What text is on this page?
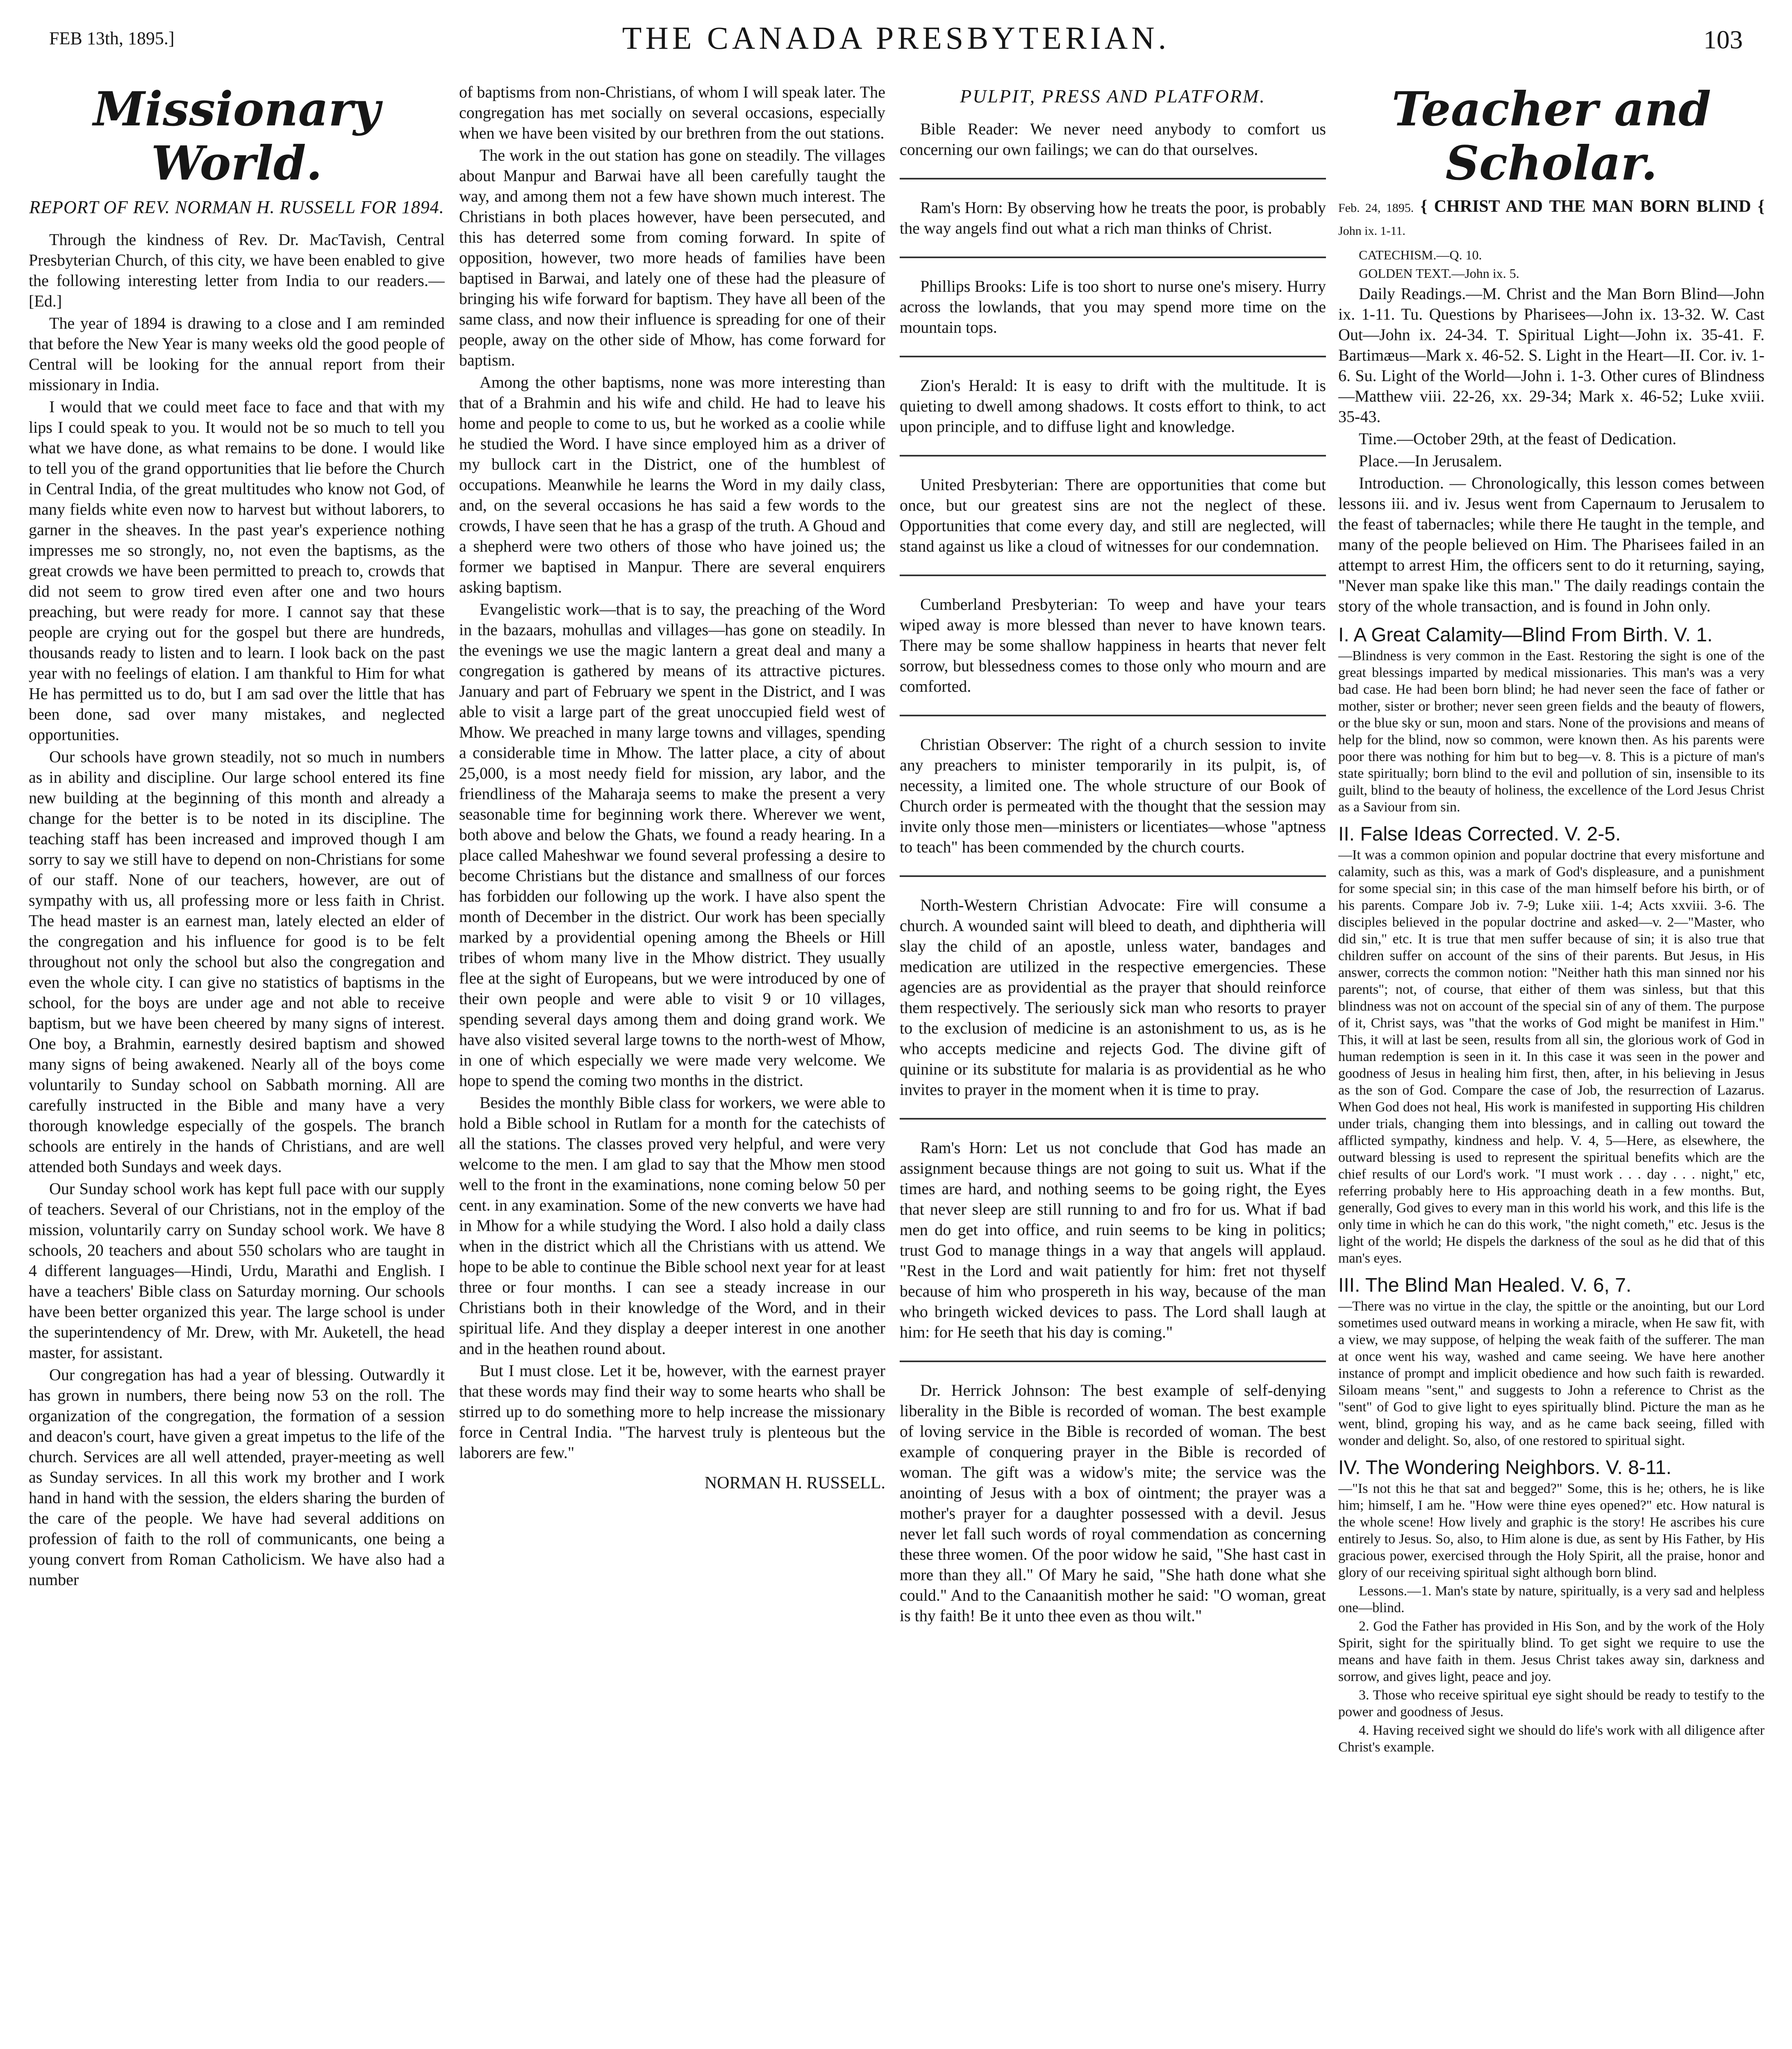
FEB 13th, 1895.]	THE CANADA PRESBYTERIAN.	103
Missionary World.
REPORT OF REV. NORMAN H. RUSSELL FOR 1894.

Through the kindness of Rev. Dr. MacTavish, Central Presbyterian Church, of this city, we have been enabled to give the following interesting letter from India to our readers.—[Ed.]

The year of 1894 is drawing to a close and I am reminded that before the New Year is many weeks old the good people of Central will be looking for the annual report from their missionary in India.

I would that we could meet face to face and that with my lips I could speak to you. It would not be so much to tell you what we have done, as what remains to be done. I would like to tell you of the grand opportunities that lie before the Church in Central India, of the great multitudes who know not God, of many fields white even now to harvest but without laborers, to garner in the sheaves. In the past year's experience nothing impresses me so strongly, no, not even the baptisms, as the great crowds we have been permitted to preach to, crowds that did not seem to grow tired even after one and two hours preaching, but were ready for more. I cannot say that these people are crying out for the gospel but there are hundreds, thousands ready to listen and to learn. I look back on the past year with no feelings of elation. I am thankful to Him for what He has permitted us to do, but I am sad over the little that has been done, sad over many mistakes, and neglected opportunities.

Our schools have grown steadily, not so much in numbers as in ability and discipline. Our large school entered its fine new building at the beginning of this month and already a change for the better is to be noted in its discipline. The teaching staff has been increased and improved though I am sorry to say we still have to depend on non-Christians for some of our staff. None of our teachers, however, are out of sympathy with us, all professing more or less faith in Christ. The head master is an earnest man, lately elected an elder of the congregation and his influence for good is to be felt throughout not only the school but also the congregation and even the whole city. I can give no statistics of baptisms in the school, for the boys are under age and not able to receive baptism, but we have been cheered by many signs of interest. One boy, a Brahmin, earnestly desired baptism and showed many signs of being awakened. Nearly all of the boys come voluntarily to Sunday school on Sabbath morning. All are carefully instructed in the Bible and many have a very thorough knowledge especially of the gospels. The branch schools are entirely in the hands of Christians, and are well attended both Sundays and week days.

Our Sunday school work has kept full pace with our supply of teachers. Several of our Christians, not in the employ of the mission, voluntarily carry on Sunday school work. We have 8 schools, 20 teachers and about 550 scholars who are taught in 4 different languages—Hindi, Urdu, Marathi and English. I have a teachers' Bible class on Saturday morning. Our schools have been better organized this year. The large school is under the superintendency of Mr. Drew, with Mr. Auketell, the head master, for assistant.

Our congregation has had a year of blessing. Outwardly it has grown in numbers, there being now 53 on the roll. The organization of the congregation, the formation of a session and deacon's court, have given a great impetus to the life of the church. Services are all well attended, prayer-meeting as well as Sunday services. In all this work my brother and I work hand in hand with the session, the elders sharing the burden of the care of the people. We have had several additions on profession of faith to the roll of communicants, one being a young convert from Roman Catholicism. We have also had a number

of baptisms from non-Christians, of whom I will speak later. The congregation has met socially on several occasions, especially when we have been visited by our brethren from the out stations.

The work in the out station has gone on steadily. The villages about Manpur and Barwai have all been carefully taught the way, and among them not a few have shown much interest. The Christians in both places however, have been persecuted, and this has deterred some from coming forward. In spite of opposition, however, two more heads of families have been baptised in Barwai, and lately one of these had the pleasure of bringing his wife forward for baptism. They have all been of the same class, and now their influence is spreading for one of their people, away on the other side of Mhow, has come forward for baptism.

Among the other baptisms, none was more interesting than that of a Brahmin and his wife and child. He had to leave his home and people to come to us, but he worked as a coolie while he studied the Word. I have since employed him as a driver of my bullock cart in the District, one of the humblest of occupations. Meanwhile he learns the Word in my daily class, and, on the several occasions he has said a few words to the crowds, I have seen that he has a grasp of the truth. A Ghoud and a shepherd were two others of those who have joined us; the former we baptised in Manpur. There are several enquirers asking baptism.

Evangelistic work—that is to say, the preaching of the Word in the bazaars, mohullas and villages—has gone on steadily. In the evenings we use the magic lantern a great deal and many a congregation is gathered by means of its attractive pictures. January and part of February we spent in the District, and I was able to visit a large part of the great unoccupied field west of Mhow. We preached in many large towns and villages, spending a considerable time in Mhow. The latter place, a city of about 25,000, is a most needy field for mission, ary labor, and the friendliness of the Maharaja seems to make the present a very seasonable time for beginning work there. Wherever we went, both above and below the Ghats, we found a ready hearing. In a place called Maheshwar we found several professing a desire to become Christians but the distance and smallness of our forces has forbidden our following up the work. I have also spent the month of December in the district. Our work has been specially marked by a providential opening among the Bheels or Hill tribes of whom many live in the Mhow district. They usually flee at the sight of Europeans, but we were introduced by one of their own people and were able to visit 9 or 10 villages, spending several days among them and doing grand work. We have also visited several large towns to the north-west of Mhow, in one of which especially we were made very welcome. We hope to spend the coming two months in the district.

Besides the monthly Bible class for workers, we were able to hold a Bible school in Rutlam for a month for the catechists of all the stations. The classes proved very helpful, and were very welcome to the men. I am glad to say that the Mhow men stood well to the front in the examinations, none coming below 50 per cent. in any examination. Some of the new converts we have had in Mhow for a while studying the Word. I also hold a daily class when in the district which all the Christians with us attend. We hope to be able to continue the Bible school next year for at least three or four months. I can see a steady increase in our Christians both in their knowledge of the Word, and in their spiritual life. And they display a deeper interest in one another and in the heathen round about.

But I must close. Let it be, however, with the earnest prayer that these words may find their way to some hearts who shall be stirred up to do something more to help increase the missionary force in Central India. "The harvest truly is plenteous but the laborers are few."

NORMAN H. RUSSELL.
PULPIT, PRESS AND PLATFORM.

Bible Reader: We never need anybody to comfort us concerning our own failings; we can do that ourselves.

Ram's Horn: By observing how he treats the poor, is probably the way angels find out what a rich man thinks of Christ.

Phillips Brooks: Life is too short to nurse one's misery. Hurry across the lowlands, that you may spend more time on the mountain tops.

Zion's Herald: It is easy to drift with the multitude. It is quieting to dwell among shadows. It costs effort to think, to act upon principle, and to diffuse light and knowledge.

United Presbyterian: There are opportunities that come but once, but our greatest sins are not the neglect of these. Opportunities that come every day, and still are neglected, will stand against us like a cloud of witnesses for our condemnation.

Cumberland Presbyterian: To weep and have your tears wiped away is more blessed than never to have known tears. There may be some shallow happiness in hearts that never felt sorrow, but blessedness comes to those only who mourn and are comforted.

Christian Observer: The right of a church session to invite any preachers to minister temporarily in its pulpit, is, of necessity, a limited one. The whole structure of our Book of Church order is permeated with the thought that the session may invite only those men—ministers or licentiates—whose "aptness to teach" has been commended by the church courts.

North-Western Christian Advocate: Fire will consume a church. A wounded saint will bleed to death, and diphtheria will slay the child of an apostle, unless water, bandages and medication are utilized in the respective emergencies. These agencies are as providential as the prayer that should reinforce them respectively. The seriously sick man who resorts to prayer to the exclusion of medicine is an astonishment to us, as is he who accepts medicine and rejects God. The divine gift of quinine or its substitute for malaria is as providential as he who invites to prayer in the moment when it is time to pray.

Ram's Horn: Let us not conclude that God has made an assignment because things are not going to suit us. What if the times are hard, and nothing seems to be going right, the Eyes that never sleep are still running to and fro for us. What if bad men do get into office, and ruin seems to be king in politics; trust God to manage things in a way that angels will applaud. "Rest in the Lord and wait patiently for him: fret not thyself because of him who prospereth in his way, because of the man who bringeth wicked devices to pass. The Lord shall laugh at him: for He seeth that his day is coming."

Dr. Herrick Johnson: The best example of self-denying liberality in the Bible is recorded of woman. The best example of loving service in the Bible is recorded of woman. The best example of conquering prayer in the Bible is recorded of woman. The gift was a widow's mite; the service was the anointing of Jesus with a box of ointment; the prayer was a mother's prayer for a daughter possessed with a devil. Jesus never let fall such words of royal commendation as concerning these three women. Of the poor widow he said, "She hast cast in more than they all." Of Mary he said, "She hath done what she could." And to the Canaanitish mother he said: "O woman, great is thy faith! Be it unto thee even as thou wilt."

Teacher and Scholar.
Feb. 24, 1895. { CHRIST AND THE MAN BORN BLIND { John ix. 1-11.

CATECHISM.—Q. 10.

GOLDEN TEXT.—John ix. 5.

Daily Readings.—M. Christ and the Man Born Blind—John ix. 1-11. Tu. Questions by Pharisees—John ix. 13-32. W. Cast Out—John ix. 24-34. T. Spiritual Light—John ix. 35-41. F. Bartimæus—Mark x. 46-52. S. Light in the Heart—II. Cor. iv. 1-6. Su. Light of the World—John i. 1-3. Other cures of Blindness—Matthew viii. 22-26, xx. 29-34; Mark x. 46-52; Luke xviii. 35-43.

Time.—October 29th, at the feast of Dedication.

Place.—In Jerusalem.

Introduction. — Chronologically, this lesson comes between lessons iii. and iv. Jesus went from Capernaum to Jerusalem to the feast of tabernacles; while there He taught in the temple, and many of the people believed on Him. The Pharisees failed in an attempt to arrest Him, the officers sent to do it returning, saying, "Never man spake like this man." The daily readings contain the story of the whole transaction, and is found in John only.

I. A Great Calamity—Blind From Birth. V. 1.

—Blindness is very common in the East. Restoring the sight is one of the great blessings imparted by medical missionaries. This man's was a very bad case. He had been born blind; he had never seen the face of father or mother, sister or brother; never seen green fields and the beauty of flowers, or the blue sky or sun, moon and stars. None of the provisions and means of help for the blind, now so common, were known then. As his parents were poor there was nothing for him but to beg—v. 8. This is a picture of man's state spiritually; born blind to the evil and pollution of sin, insensible to its guilt, blind to the beauty of holiness, the excellence of the Lord Jesus Christ as a Saviour from sin.

II. False Ideas Corrected. V. 2-5.

—It was a common opinion and popular doctrine that every misfortune and calamity, such as this, was a mark of God's displeasure, and a punishment for some special sin; in this case of the man himself before his birth, or of his parents. Compare Job iv. 7-9; Luke xiii. 1-4; Acts xxviii. 3-6. The disciples believed in the popular doctrine and asked—v. 2—"Master, who did sin," etc. It is true that men suffer because of sin; it is also true that children suffer on account of the sins of their parents. But Jesus, in His answer, corrects the common notion: "Neither hath this man sinned nor his parents"; not, of course, that either of them was sinless, but that this blindness was not on account of the special sin of any of them. The purpose of it, Christ says, was "that the works of God might be manifest in Him." This, it will at last be seen, results from all sin, the glorious work of God in human redemption is seen in it. In this case it was seen in the power and goodness of Jesus in healing him first, then, after, in his believing in Jesus as the son of God. Compare the case of Job, the resurrection of Lazarus. When God does not heal, His work is manifested in supporting His children under trials, changing them into blessings, and in calling out toward the afflicted sympathy, kindness and help. V. 4, 5—Here, as elsewhere, the outward blessing is used to represent the spiritual benefits which are the chief results of our Lord's work. "I must work . . . day . . . night," etc, referring probably here to His approaching death in a few months. But, generally, God gives to every man in this world his work, and this life is the only time in which he can do this work, "the night cometh," etc. Jesus is the light of the world; He dispels the darkness of the soul as he did that of this man's eyes.

III. The Blind Man Healed. V. 6, 7.

—There was no virtue in the clay, the spittle or the anointing, but our Lord sometimes used outward means in working a miracle, when He saw fit, with a view, we may suppose, of helping the weak faith of the sufferer. The man at once went his way, washed and came seeing. We have here another instance of prompt and implicit obedience and how such faith is rewarded. Siloam means "sent," and suggests to John a reference to Christ as the "sent" of God to give light to eyes spiritually blind. Picture the man as he went, blind, groping his way, and as he came back seeing, filled with wonder and delight. So, also, of one restored to spiritual sight.

IV. The Wondering Neighbors. V. 8-11.

—"Is not this he that sat and begged?" Some, this is he; others, he is like him; himself, I am he. "How were thine eyes opened?" etc. How natural is the whole scene! How lively and graphic is the story! He ascribes his cure entirely to Jesus. So, also, to Him alone is due, as sent by His Father, by His gracious power, exercised through the Holy Spirit, all the praise, honor and glory of our receiving spiritual sight although born blind.

Lessons.—1. Man's state by nature, spiritually, is a very sad and helpless one—blind.

2. God the Father has provided in His Son, and by the work of the Holy Spirit, sight for the spiritually blind. To get sight we require to use the means and have faith in them. Jesus Christ takes away sin, darkness and sorrow, and gives light, peace and joy.

3. Those who receive spiritual eye sight should be ready to testify to the power and goodness of Jesus.

4. Having received sight we should do life's work with all diligence after Christ's example.
